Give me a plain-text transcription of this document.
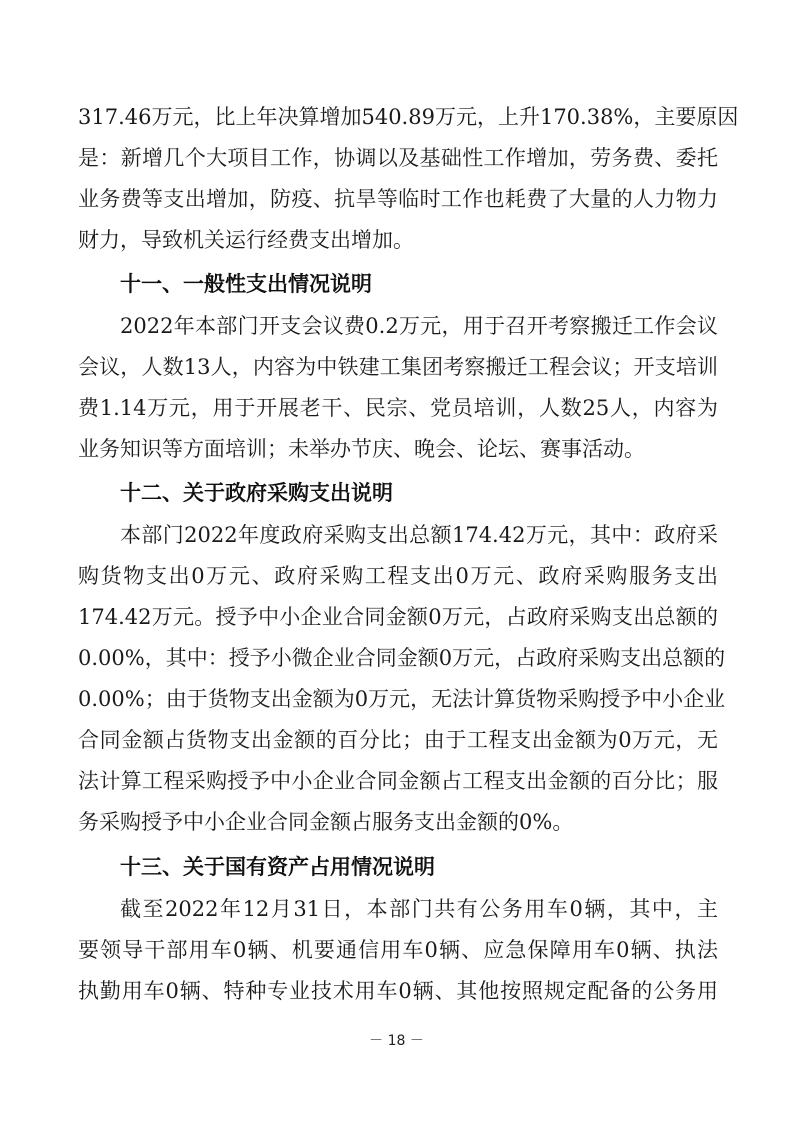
317.46万元，比上年决算增加540.89万元，上升170.38%，主要原因
是：新增几个大项目工作，协调以及基础性工作增加，劳务费、委托
业务费等支出增加，防疫、抗旱等临时工作也耗费了大量的人力物力
财力，导致机关运行经费支出增加。
十一、一般性支出情况说明
2022年本部门开支会议费0.2万元，用于召开考察搬迁工作会议
会议，人数13人，内容为中铁建工集团考察搬迁工程会议；开支培训
费1.14万元，用于开展老干、民宗、党员培训，人数25人，内容为
业务知识等方面培训；未举办节庆、晚会、论坛、赛事活动。
十二、关于政府采购支出说明
本部门2022年度政府采购支出总额174.42万元，其中：政府采
购货物支出0万元、政府采购工程支出0万元、政府采购服务支出
174.42万元。授予中小企业合同金额0万元，占政府采购支出总额的
0.00%，其中：授予小微企业合同金额0万元，占政府采购支出总额的
0.00%；由于货物支出金额为0万元，无法计算货物采购授予中小企业
合同金额占货物支出金额的百分比；由于工程支出金额为0万元，无
法计算工程采购授予中小企业合同金额占工程支出金额的百分比；服
务采购授予中小企业合同金额占服务支出金额的0%。
十三、关于国有资产占用情况说明
截至2022年12月31日，本部门共有公务用车0辆，其中，主
要领导干部用车0辆、机要通信用车0辆、应急保障用车0辆、执法
执勤用车0辆、特种专业技术用车0辆、其他按照规定配备的公务用
－ 18 －
